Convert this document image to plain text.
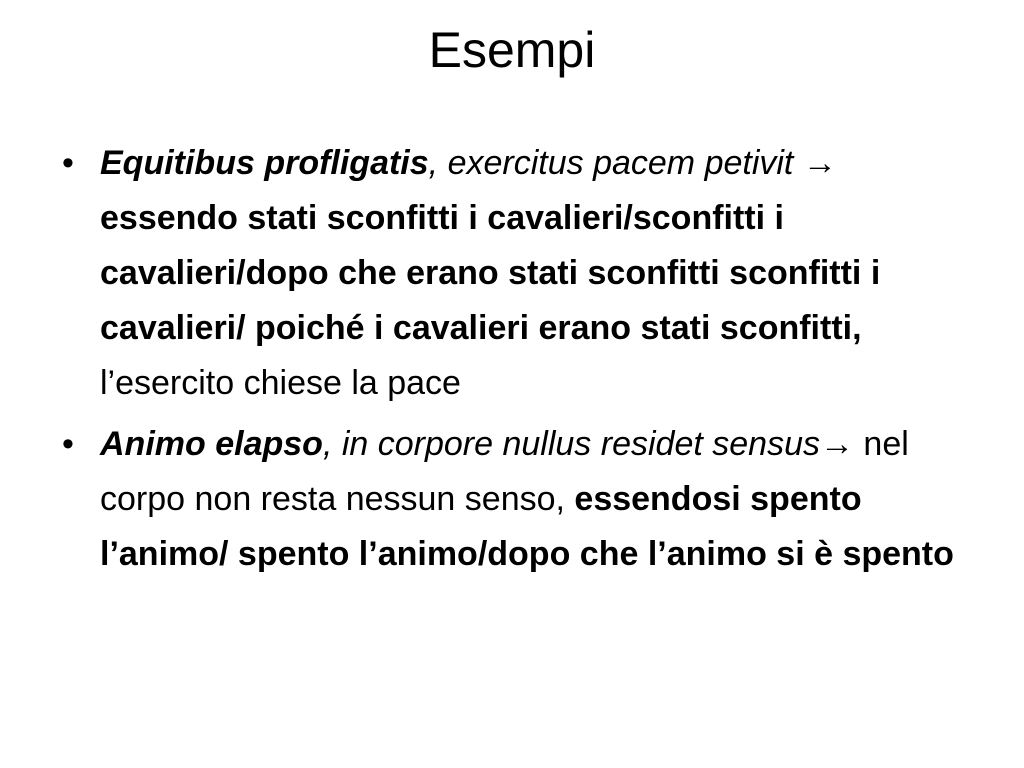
Esempi
• Equitibus profligatis, exercitus pacem petivit → essendo stati sconfitti i cavalieri/sconfitti i cavalieri/dopo che erano stati sconfitti sconfitti i cavalieri/ poiché i cavalieri erano stati sconfitti, l’esercito chiese la pace
• Animo elapso, in corpore nullus residet sensus→ nel corpo non resta nessun senso, essendosi spento l’animo/ spento l’animo/dopo che l’animo si è spento
